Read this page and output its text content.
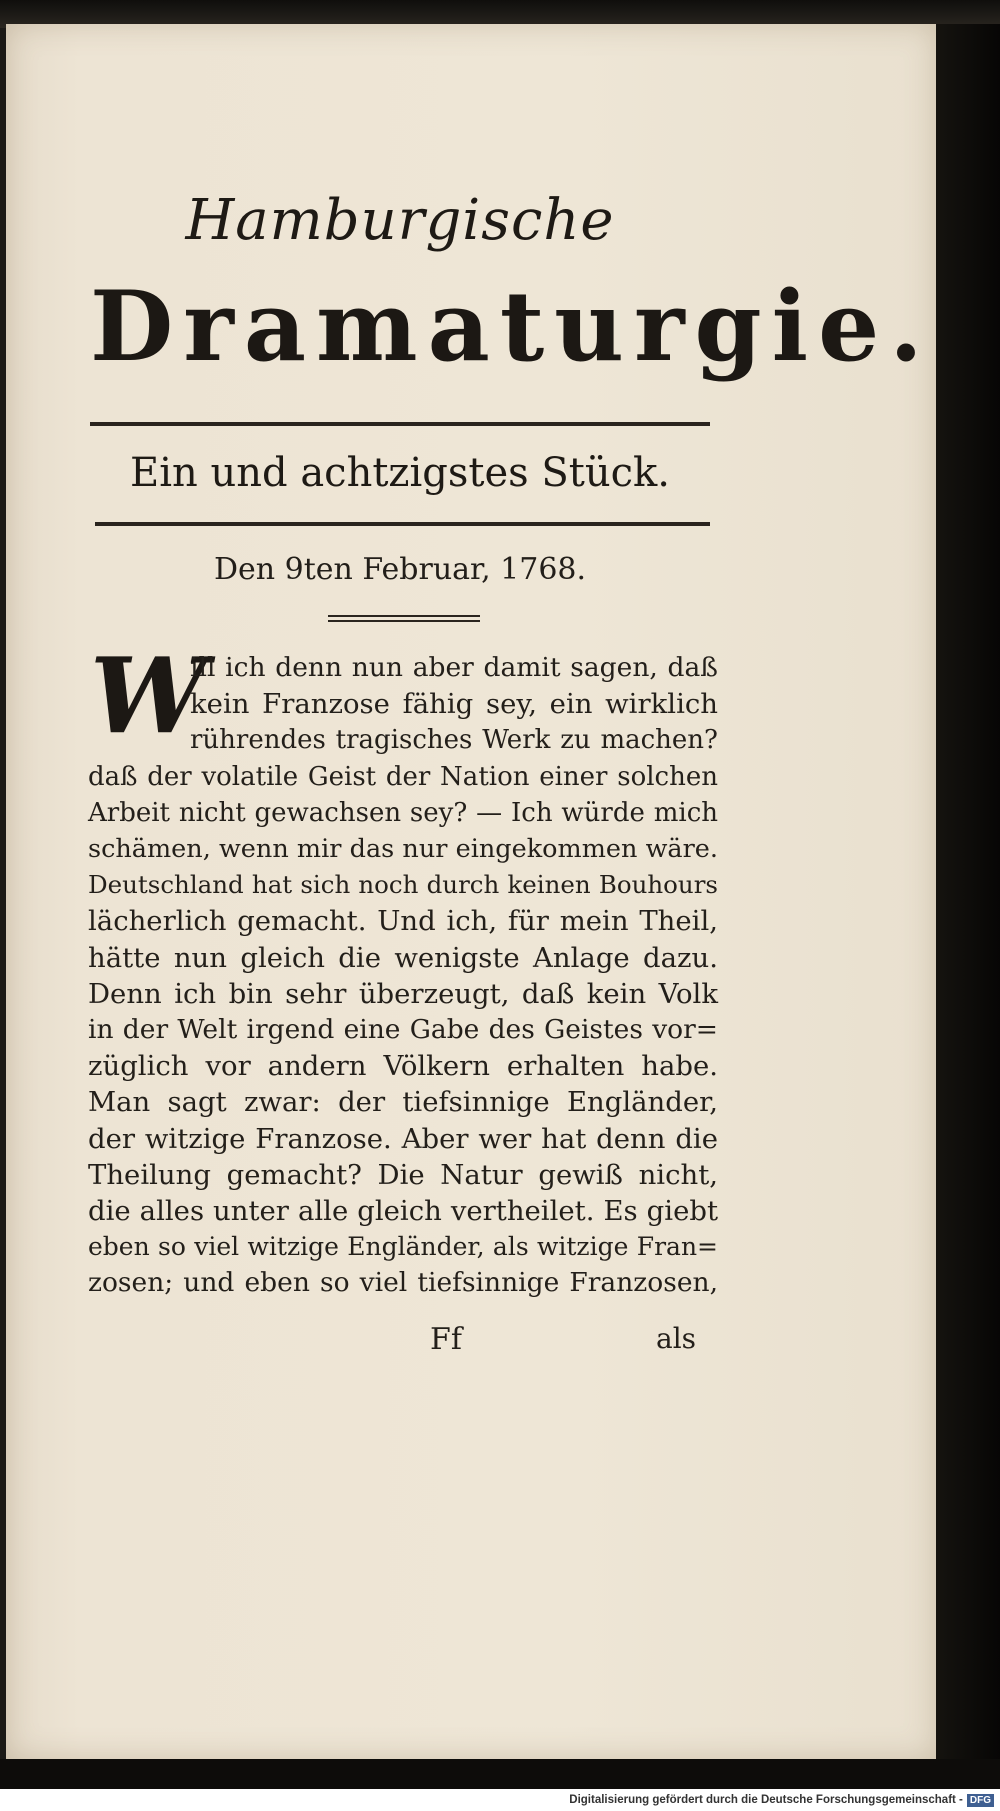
Hamburgische
Dramaturgie.
Ein und achtzigstes Stück.
Den 9ten Februar, 1768.
W
ill ich denn nun aber damit sagen, daß
kein Franzose fähig sey, ein wirklich
rührendes tragisches Werk zu machen?
daß der volatile Geist der Nation einer solchen
Arbeit nicht gewachsen sey? — Ich würde mich
schämen, wenn mir das nur eingekommen wäre.
Deutschland hat sich noch durch keinen Bouhours
lächerlich gemacht. Und ich, für mein Theil,
hätte nun gleich die wenigste Anlage dazu.
Denn ich bin sehr überzeugt, daß kein Volk
in der Welt irgend eine Gabe des Geistes vor=
züglich vor andern Völkern erhalten habe.
Man sagt zwar: der tiefsinnige Engländer,
der witzige Franzose. Aber wer hat denn die
Theilung gemacht? Die Natur gewiß nicht,
die alles unter alle gleich vertheilet. Es giebt
eben so viel witzige Engländer, als witzige Fran=
zosen; und eben so viel tiefsinnige Franzosen,
Ff	als
Digitalisierung gefördert durch die Deutsche Forschungsgemeinschaft - DFG
